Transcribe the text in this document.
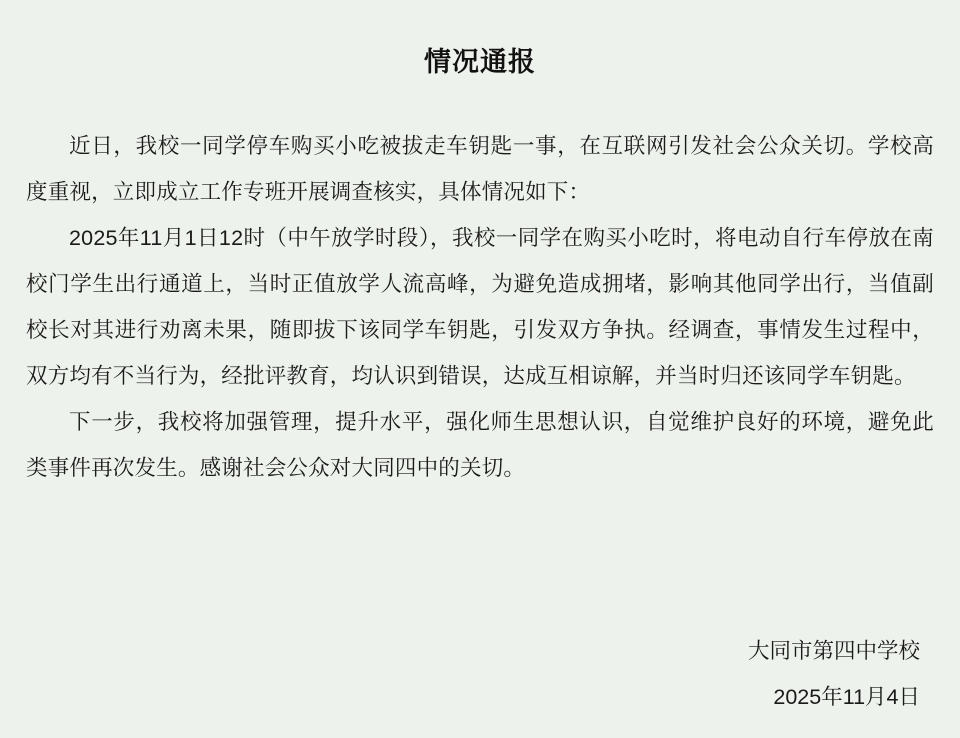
情况通报

近日，我校一同学停车购买小吃被拔走车钥匙一事，在互联网引发社会公众关切。学校高度重视，立即成立工作专班开展调查核实，具体情况如下：

2025年11月1日12时（中午放学时段），我校一同学在购买小吃时，将电动自行车停放在南校门学生出行通道上，当时正值放学人流高峰，为避免造成拥堵，影响其他同学出行，当值副校长对其进行劝离未果，随即拔下该同学车钥匙，引发双方争执。经调查，事情发生过程中，双方均有不当行为，经批评教育，均认识到错误，达成互相谅解，并当时归还该同学车钥匙。

下一步，我校将加强管理，提升水平，强化师生思想认识，自觉维护良好的环境，避免此类事件再次发生。感谢社会公众对大同四中的关切。

大同市第四中学校
2025年11月4日
